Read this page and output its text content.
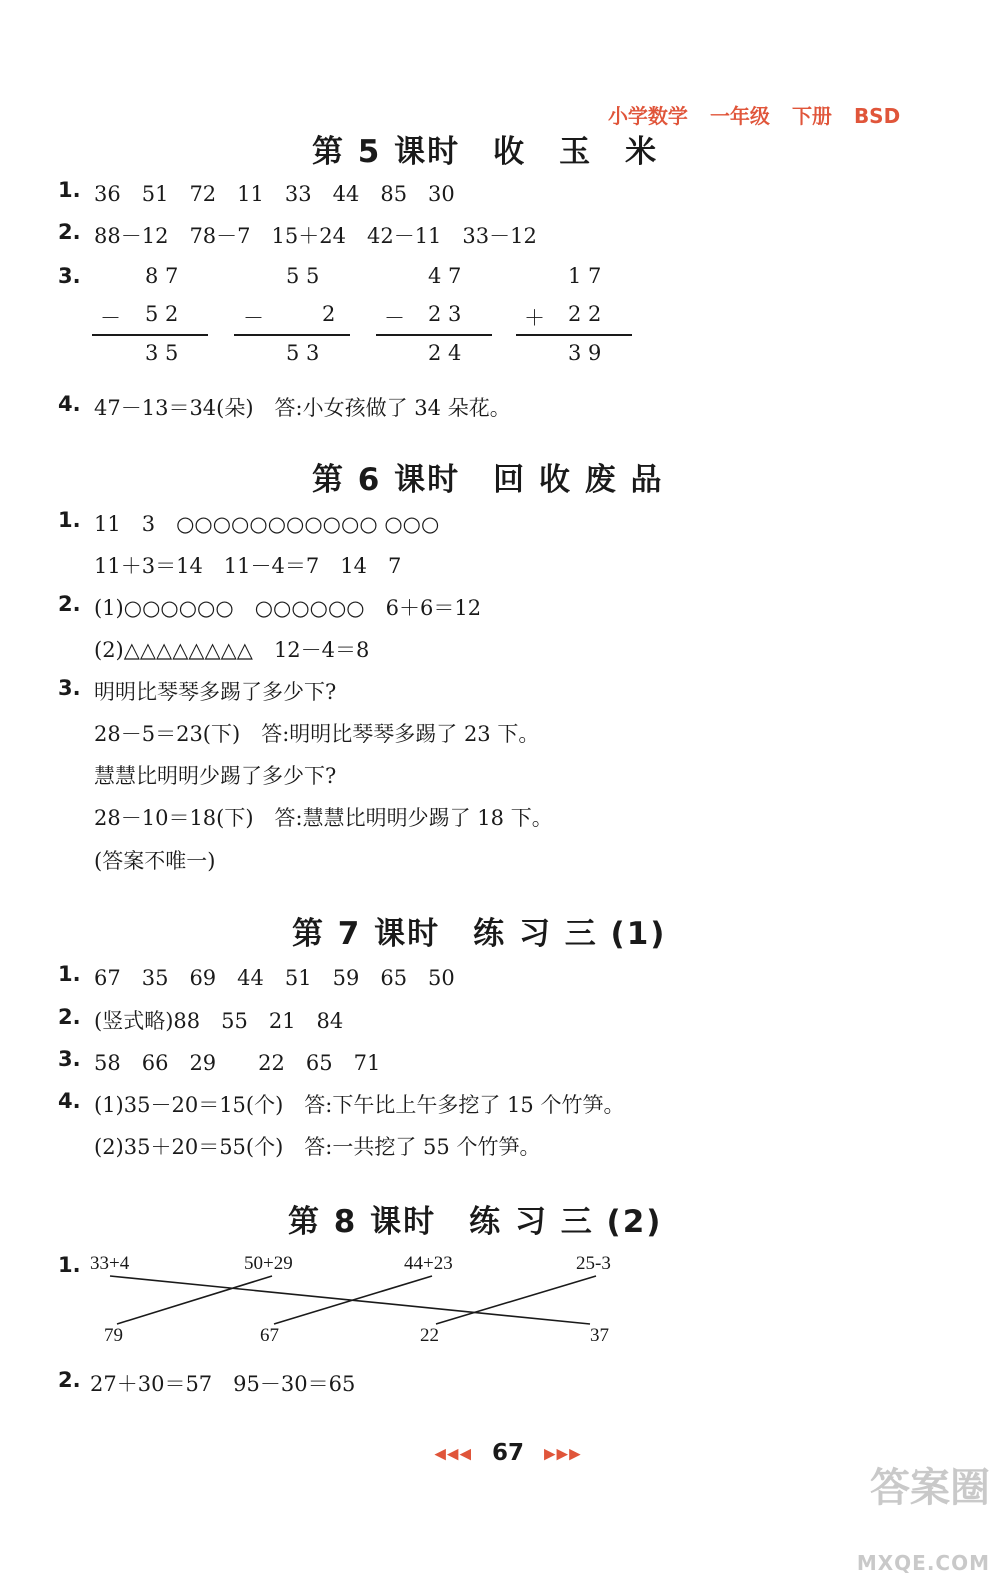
小学数学 一年级 下册 BSD

第 5 课时　收　玉　米
1. 36　51　72　11　33　44　85　30
2. 88－12　78－7　15＋24　42－11　33－12
3.	8 7
－ 5 2
3 5
5 5
－	2
5 3
4 7
－ 2 3
2 4
1 7
＋ 2 2
3 9
4. 47－13＝34(朵)　答:小女孩做了 34 朵花。
第 6 课时　回 收 废 品
1. 11　3　○○○○○○○○○○○ ○○○
11＋3＝14　11－4＝7　14　7
2. (1)○○○○○○　○○○○○○　6＋6＝12
(2)△△△△△△△△　12－4＝8
3. 明明比琴琴多踢了多少下?
28－5＝23(下)　答:明明比琴琴多踢了 23 下。
慧慧比明明少踢了多少下?
28－10＝18(下)　答:慧慧比明明少踢了 18 下。
(答案不唯一)
第 7 课时　练 习 三 (1)
1. 67　35　69　44　51　59　65　50
2. (竖式略)88　55　21　84
3. 58　66　29　　22　65　71
4. (1)35－20＝15(个)　答:下午比上午多挖了 15 个竹笋。
(2)35＋20＝55(个)　答:一共挖了 55 个竹笋。
第 8 课时　练 习 三 (2)
1. 33+4	50+29	44+23	25-3
79	67	22	37
2. 27＋30＝57　95－30＝65

◀◀◀ 67 ▶▶▶

答案圈

MXQE.COM
